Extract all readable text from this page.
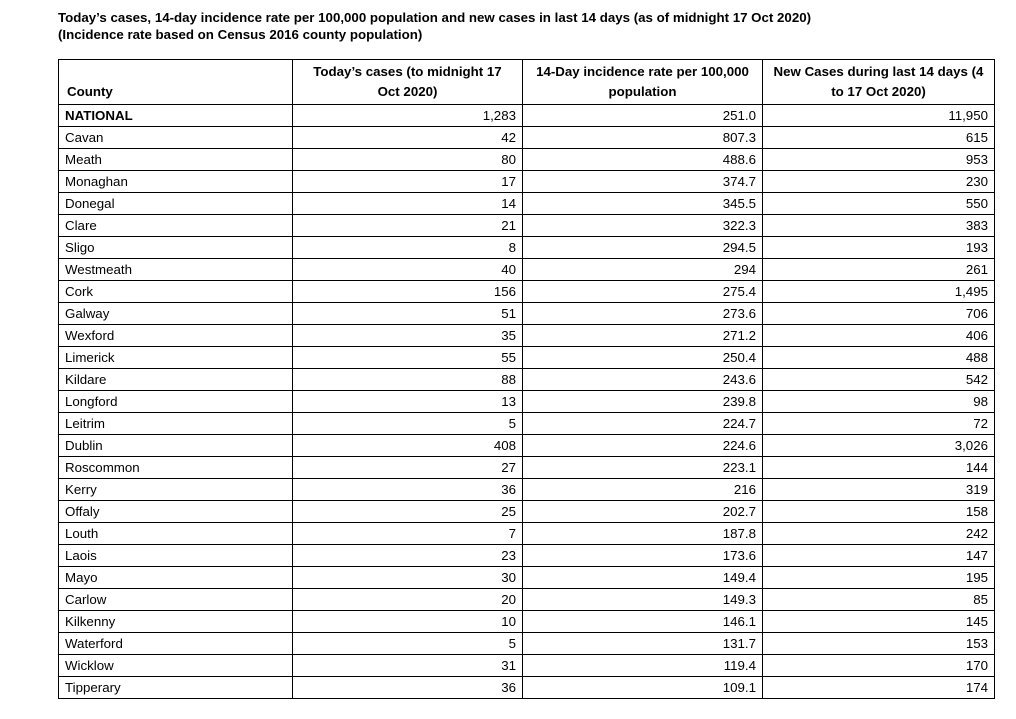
Today’s cases, 14-day incidence rate per 100,000 population and new cases in last 14 days (as of midnight 17 Oct 2020)
(Incidence rate based on Census 2016 county population)
County	Today’s cases (to midnight 17 Oct 2020)	14-Day incidence rate per 100,000 population	New Cases during last 14 days (4 to 17 Oct 2020)
NATIONAL	1,283	251.0	11,950
Cavan	42	807.3	615
Meath	80	488.6	953
Monaghan	17	374.7	230
Donegal	14	345.5	550
Clare	21	322.3	383
Sligo	8	294.5	193
Westmeath	40	294	261
Cork	156	275.4	1,495
Galway	51	273.6	706
Wexford	35	271.2	406
Limerick	55	250.4	488
Kildare	88	243.6	542
Longford	13	239.8	98
Leitrim	5	224.7	72
Dublin	408	224.6	3,026
Roscommon	27	223.1	144
Kerry	36	216	319
Offaly	25	202.7	158
Louth	7	187.8	242
Laois	23	173.6	147
Mayo	30	149.4	195
Carlow	20	149.3	85
Kilkenny	10	146.1	145
Waterford	5	131.7	153
Wicklow	31	119.4	170
Tipperary	36	109.1	174
